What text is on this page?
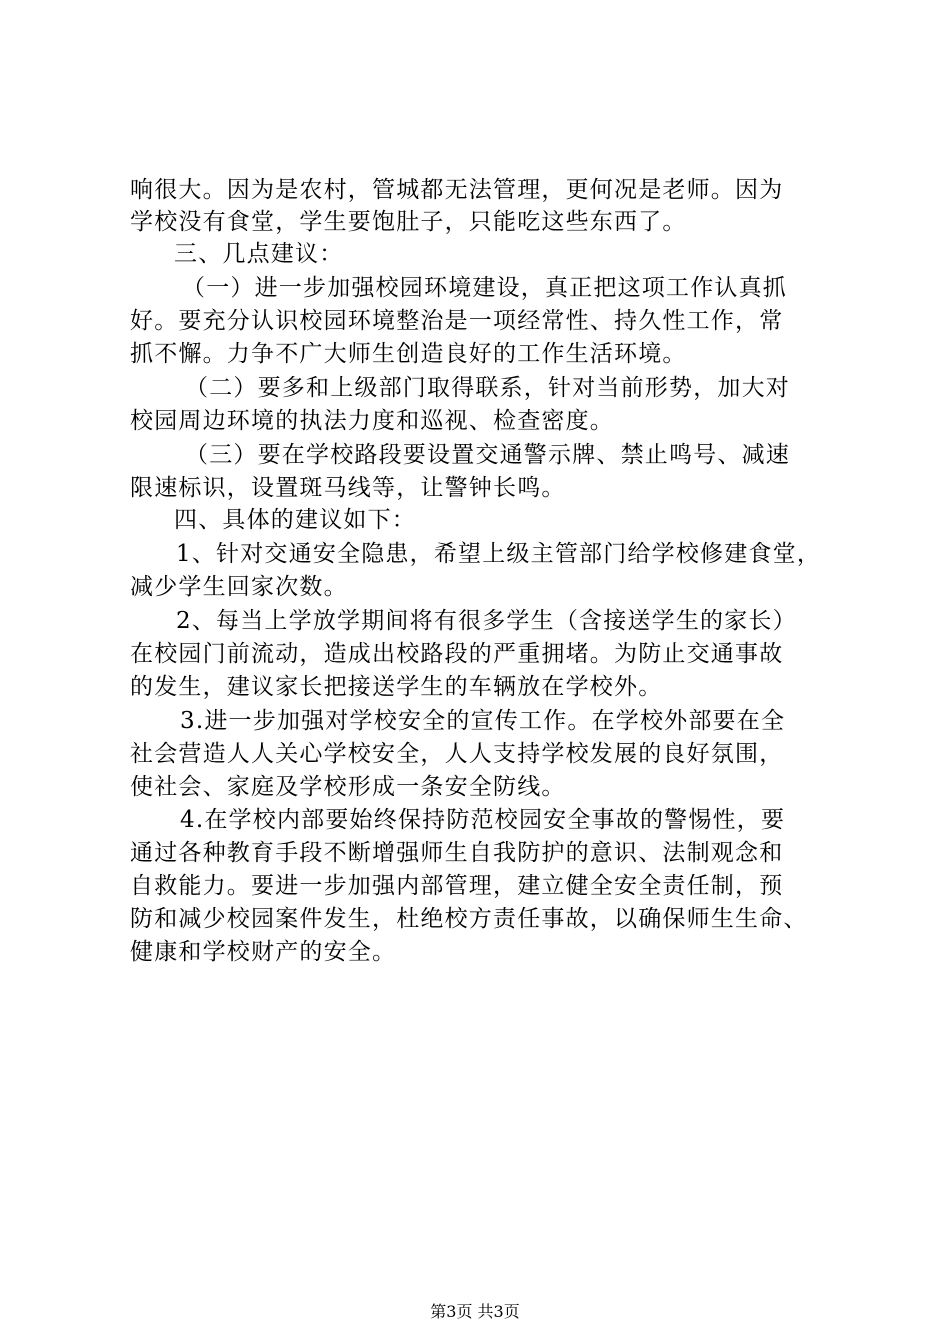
响很大。因为是农村，管城都无法管理，更何况是老师。因为
学校没有食堂，学生要饱肚子，只能吃这些东西了。
三、几点建议：
（一）进一步加强校园环境建设，真正把这项工作认真抓
好。要充分认识校园环境整治是一项经常性、持久性工作，常
抓不懈。力争不广大师生创造良好的工作生活环境。
（二）要多和上级部门取得联系，针对当前形势，加大对
校园周边环境的执法力度和巡视、检查密度。
（三）要在学校路段要设置交通警示牌、禁止鸣号、减速
限速标识，设置斑马线等，让警钟长鸣。
四、具体的建议如下：
1、针对交通安全隐患，希望上级主管部门给学校修建食堂，
减少学生回家次数。
2、每当上学放学期间将有很多学生（含接送学生的家长）
在校园门前流动，造成出校路段的严重拥堵。为防止交通事故
的发生，建议家长把接送学生的车辆放在学校外。
3.进一步加强对学校安全的宣传工作。在学校外部要在全
社会营造人人关心学校安全，人人支持学校发展的良好氛围，
使社会、家庭及学校形成一条安全防线。
4.在学校内部要始终保持防范校园安全事故的警惕性，要
通过各种教育手段不断增强师生自我防护的意识、法制观念和
自救能力。要进一步加强内部管理，建立健全安全责任制，预
防和减少校园案件发生，杜绝校方责任事故，以确保师生生命、
健康和学校财产的安全。
第3页 共3页
